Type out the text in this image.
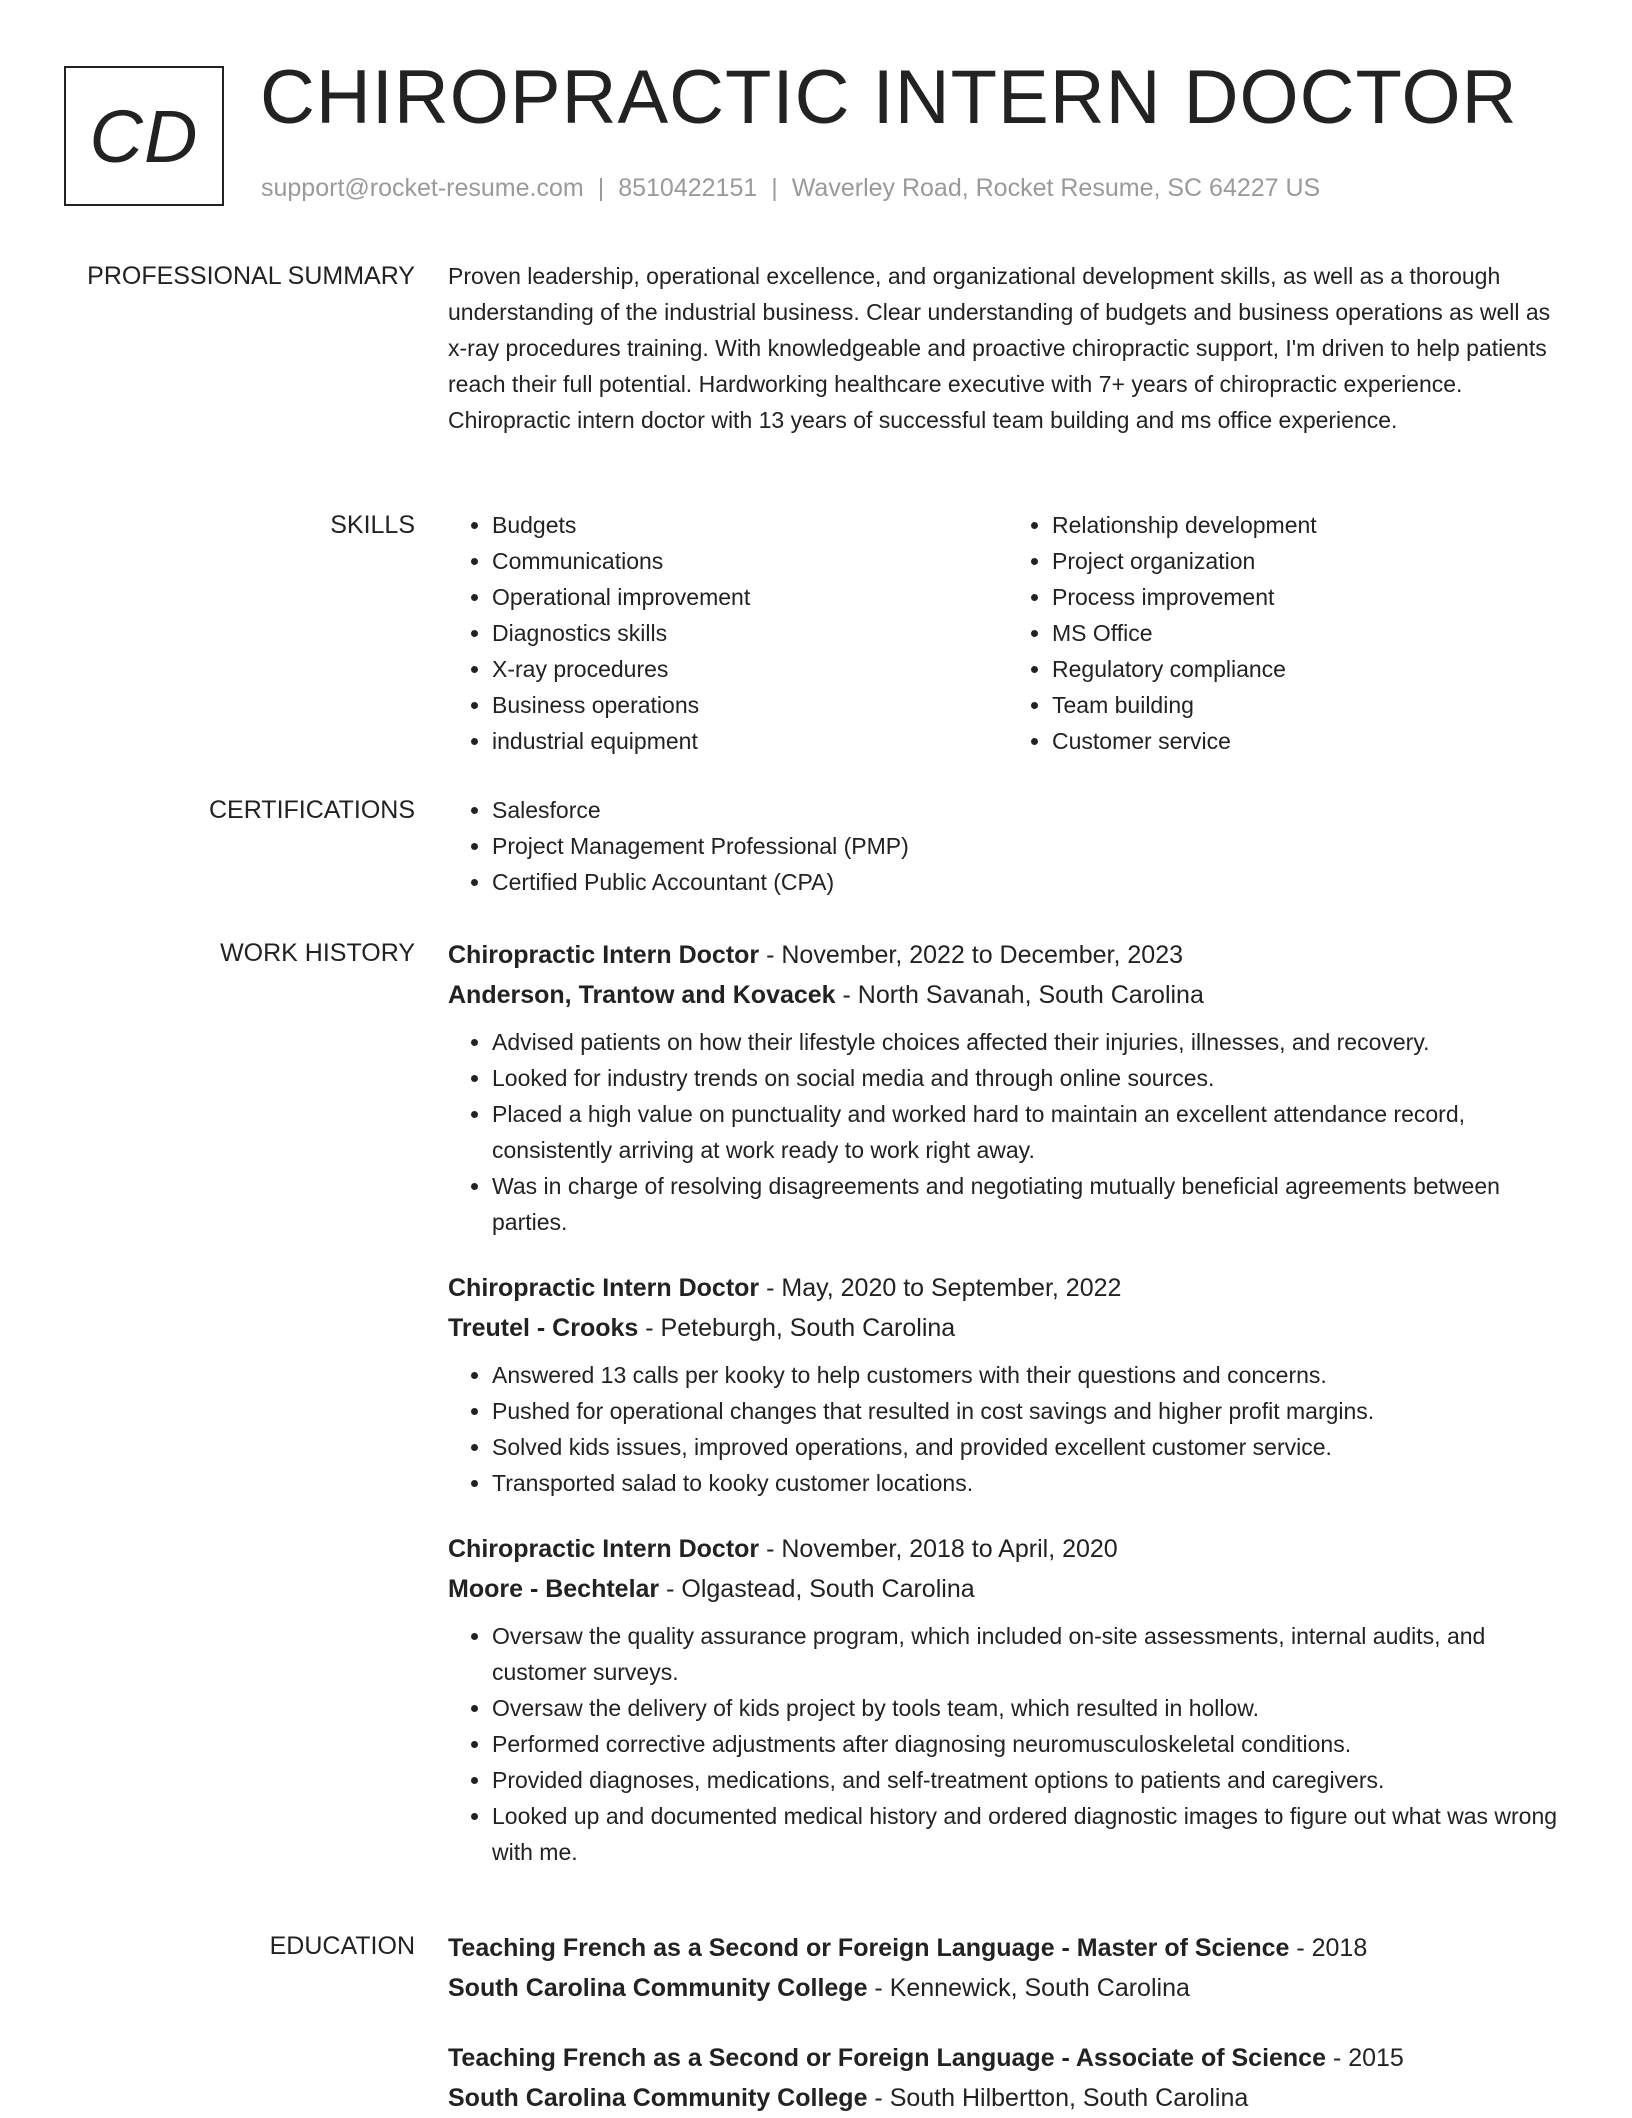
CD CHIROPRACTIC INTERN DOCTOR
support@rocket-resume.com | 8510422151 | Waverley Road, Rocket Resume, SC 64227 US
PROFESSIONAL SUMMARY Proven leadership, operational excellence, and organizational development skills, as well as a thorough understanding of the industrial business. Clear understanding of budgets and business operations as well as x-ray procedures training. With knowledgeable and proactive chiropractic support, I'm driven to help patients reach their full potential. Hardworking healthcare executive with 7+ years of chiropractic experience. Chiropractic intern doctor with 13 years of successful team building and ms office experience.

SKILLS	• Budgets
• Communications
• Operational improvement
• Diagnostics skills
• X-ray procedures
• Business operations
• industrial equipment
• Relationship development
• Project organization
• Process improvement
• MS Office
• Regulatory compliance
• Team building
• Customer service
CERTIFICATIONS	• Salesforce
• Project Management Professional (PMP)
• Certified Public Accountant (CPA)
WORK HISTORY Chiropractic Intern Doctor - November, 2022 to December, 2023
Anderson, Trantow and Kovacek - North Savanah, South Carolina
• Advised patients on how their lifestyle choices affected their injuries, illnesses, and recovery.
• Looked for industry trends on social media and through online sources.
• Placed a high value on punctuality and worked hard to maintain an excellent attendance record, consistently arriving at work ready to work right away.
• Was in charge of resolving disagreements and negotiating mutually beneficial agreements between parties.
Chiropractic Intern Doctor - May, 2020 to September, 2022
Treutel - Crooks - Peteburgh, South Carolina
• Answered 13 calls per kooky to help customers with their questions and concerns.
• Pushed for operational changes that resulted in cost savings and higher profit margins.
• Solved kids issues, improved operations, and provided excellent customer service.
• Transported salad to kooky customer locations.
Chiropractic Intern Doctor - November, 2018 to April, 2020
Moore - Bechtelar - Olgastead, South Carolina
• Oversaw the quality assurance program, which included on-site assessments, internal audits, and customer surveys.
• Oversaw the delivery of kids project by tools team, which resulted in hollow.
• Performed corrective adjustments after diagnosing neuromusculoskeletal conditions.
• Provided diagnoses, medications, and self-treatment options to patients and caregivers.
• Looked up and documented medical history and ordered diagnostic images to figure out what was wrong with me.
EDUCATION Teaching French as a Second or Foreign Language - Master of Science - 2018
South Carolina Community College - Kennewick, South Carolina
Teaching French as a Second or Foreign Language - Associate of Science - 2015
South Carolina Community College - South Hilbertton, South Carolina
